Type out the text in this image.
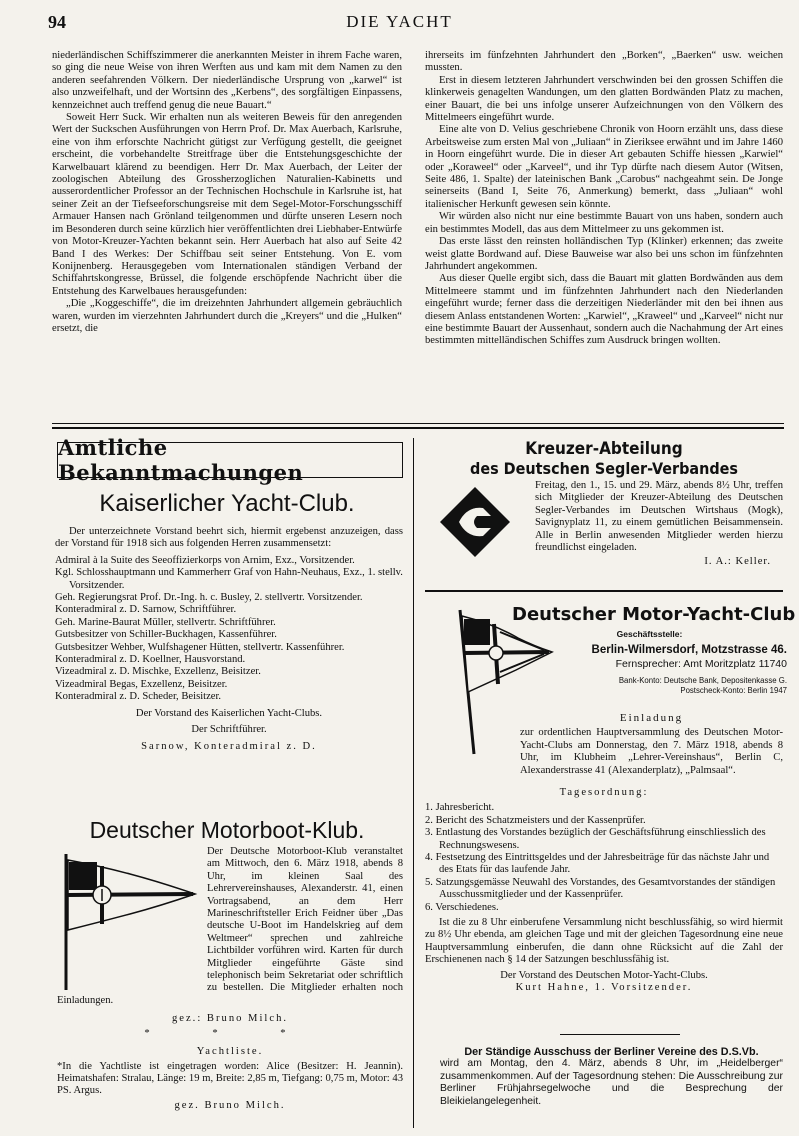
94	DIE YACHT

niederländischen Schiffszimmerer die anerkannten Meister in ihrem Fache waren, so ging die neue Weise von ihren Werften aus und kam mit dem Namen zu den anderen seefahrenden Völkern. Der niederländische Ursprung von „karwel“ ist also unzweifelhaft, und der Wortsinn des „Kerbens“, des sorgfältigen Einpassens, kennzeichnet auch treffend genug die neue Bauart.“

Soweit Herr Suck. Wir erhalten nun als weiteren Beweis für den anregenden Wert der Suckschen Ausführungen von Herrn Prof. Dr. Max Auerbach, Karlsruhe, eine von ihm erforschte Nachricht gütigst zur Verfügung gestellt, die geeignet erscheint, die vorbehandelte Streitfrage über die Entstehungsgeschichte der Karwelbauart klärend zu beendigen. Herr Dr. Max Auerbach, der Leiter der zoologischen Abteilung des Grossherzoglichen Naturalien-Kabinetts und ausserordentlicher Professor an der Technischen Hochschule in Karlsruhe ist, hat seiner Zeit an der Tiefseeforschungsreise mit dem Segel-Motor-Forschungsschiff Armauer Hansen nach Grönland teilgenommen und dürfte unseren Lesern noch im Besonderen durch seine kürzlich hier veröffentlichten drei Liebhaber-Entwürfe von Motor-Kreuzer-Yachten bekannt sein. Herr Auerbach hat also auf Seite 42 Band I des Werkes: Der Schiffbau seit seiner Entstehung. Von E. vom Konijnenberg. Herausgegeben vom Internationalen ständigen Verband der Schiffahrtskongresse, Brüssel, die folgende erschöpfende Nachricht über die Entstehung des Karwelbaues herausgefunden:

„Die „Koggeschiffe“, die im dreizehnten Jahrhundert allgemein gebräuchlich waren, wurden im vierzehnten Jahrhundert durch die „Kreyers“ und die „Hulken“ ersetzt, die

ihrerseits im fünfzehnten Jahrhundert den „Borken“, „Baerken“ usw. weichen mussten.

Erst in diesem letzteren Jahrhundert verschwinden bei den grossen Schiffen die klinkerweis genagelten Wandungen, um den glatten Bordwänden Platz zu machen, einer Bauart, die bei uns infolge unserer Aufzeichnungen von den Völkern des Mittelmeers eingeführt wurde.

Eine alte von D. Velius geschriebene Chronik von Hoorn erzählt uns, dass diese Arbeitsweise zum ersten Mal von „Juliaan“ in Zieriksee erwähnt und im Jahre 1460 in Hoorn eingeführt wurde. Die in dieser Art gebauten Schiffe hiessen „Karwiel“ oder „Koraweel“ oder „Karveel“, und ihr Typ dürfte nach diesem Autor (Witsen, Seite 486, 1. Spalte) der lateinischen Bank „Carobus“ nachgeahmt sein. De Jonge seinerseits (Band I, Seite 76, Anmerkung) bemerkt, dass „Juliaan“ wohl italienischer Herkunft gewesen sein könnte.

Wir würden also nicht nur eine bestimmte Bauart von uns haben, sondern auch ein bestimmtes Modell, das aus dem Mittelmeer zu uns gekommen ist.

Das erste lässt den reinsten holländischen Typ (Klinker) erkennen; das zweite weist glatte Bordwand auf. Diese Bauweise war also bei uns schon im fünfzehnten Jahrhundert angekommen.

Aus dieser Quelle ergibt sich, dass die Bauart mit glatten Bordwänden aus dem Mittelmeere stammt und im fünfzehnten Jahrhundert nach den Niederlanden eingeführt wurde; ferner dass die derzeitigen Niederländer mit den bei ihnen aus diesem Anlass entstandenen Worten: „Karwiel“, „Kraweel“ und „Karveel“ nicht nur eine bestimmte Bauart der Aussenhaut, sondern auch die Nachahmung der Art eines bestimmten mittelländischen Schiffes zum Ausdruck bringen wollten.

Amtliche Bekanntmachungen
Kaiserlicher Yacht-Club.

Der unterzeichnete Vorstand beehrt sich, hiermit ergebenst anzuzeigen, dass der Vorstand für 1918 sich aus folgenden Herren zusammensetzt:

Admiral à la Suite des Seeoffizierkorps von Arnim, Exz., Vorsitzender.
Kgl. Schlosshauptmann und Kammerherr Graf von Hahn-Neuhaus, Exz., 1. stellv. Vorsitzender.
Geh. Regierungsrat Prof. Dr.-Ing. h. c. Busley, 2. stellvertr. Vorsitzender.
Konteradmiral z. D. Sarnow, Schriftführer.
Geh. Marine-Baurat Müller, stellvertr. Schriftführer.
Gutsbesitzer von Schiller-Buckhagen, Kassenführer.
Gutsbesitzer Wehber, Wulfshagener Hütten, stellvertr. Kassenführer.
Konteradmiral z. D. Koellner, Hausvorstand.
Vizeadmiral z. D. Mischke, Exzellenz, Beisitzer.
Vizeadmiral Begas, Exzellenz, Beisitzer.
Konteradmiral z. D. Scheder, Beisitzer.

Der Vorstand des Kaiserlichen Yacht-Clubs.

Der Schriftführer.

Sarnow, Konteradmiral z. D.

Deutscher Motorboot-Klub.

Der Deutsche Motorboot-Klub veranstaltet am Mittwoch, den 6. März 1918, abends 8 Uhr, im kleinen Saal des Lehrervereinshauses, Alexanderstr. 41, einen Vortragsabend, an dem Herr Marineschriftsteller Erich Feidner über „Das deutsche U-Boot im Handelskrieg auf dem Weltmeer“ sprechen und zahlreiche Lichtbilder vorführen wird. Karten für durch Mitglieder eingeführte Gäste sind telephonisch beim Sekretariat oder schriftlich zu bestellen. Die Mitglieder erhalten noch Einladungen.

gez.: Bruno Milch.

* * *

Yachtliste.

*In die Yachtliste ist eingetragen worden: Alice (Besitzer: H. Jeannin). Heimatshafen: Stralau, Länge: 19 m, Breite: 2,85 m, Tiefgang: 0,75 m, Motor: 43 PS. Argus.

gez. Bruno Milch.

Kreuzer-Abteilung
des Deutschen Segler-Verbandes

Freitag, den 1., 15. und 29. März, abends 8½ Uhr, treffen sich Mitglieder der Kreuzer-Abteilung des Deutschen Segler-Verbandes im Deutschen Wirtshaus (Mogk), Savignyplatz 11, zu einem gemütlichen Beisammensein. Alle in Berlin anwesenden Mitglieder werden hierzu freundlichst eingeladen.

I. A.: Keller.

Deutscher Motor-Yacht-Club
Geschäftsstelle:
Berlin-Wilmersdorf, Motzstrasse 46.
Fernsprecher: Amt Moritzplatz 11740
Bank-Konto: Deutsche Bank, Depositenkasse G.
Postscheck-Konto: Berlin 1947

Einladung

zur ordentlichen Hauptversammlung des Deutschen Motor-Yacht-Clubs am Donnerstag, den 7. März 1918, abends 8 Uhr, im Klubheim „Lehrer-Vereinshaus“, Berlin C, Alexanderstrasse 41 (Alexanderplatz), „Palmsaal“.

Tagesordnung:

1. Jahresbericht.
2. Bericht des Schatzmeisters und der Kassenprüfer.
3. Entlastung des Vorstandes bezüglich der Geschäftsführung einschliesslich des Rechnungswesens.
4. Festsetzung des Eintrittsgeldes und der Jahresbeiträge für das nächste Jahr und des Etats für das laufende Jahr.
5. Satzungsgemässe Neuwahl des Vorstandes, des Gesamtvorstandes der ständigen Ausschussmitglieder und der Kassenprüfer.
6. Verschiedenes.

Ist die zu 8 Uhr einberufene Versammlung nicht beschlussfähig, so wird hiermit zu 8½ Uhr ebenda, am gleichen Tage und mit der gleichen Tagesordnung eine neue Hauptversammlung einberufen, die dann ohne Rücksicht auf die Zahl der Erschienenen nach § 14 der Satzungen beschlussfähig ist.

Der Vorstand des Deutschen Motor-Yacht-Clubs.

Kurt Hahne, 1. Vorsitzender.

Der Ständige Ausschuss der Berliner Vereine des D.S.Vb.

wird am Montag, den 4. März, abends 8 Uhr, im „Heidelberger“ zusammenkommen. Auf der Tagesordnung stehen: Die Ausschreibung zur Berliner Frühjahrsegelwoche und die Besprechung der Bleikielangelegenheit.
